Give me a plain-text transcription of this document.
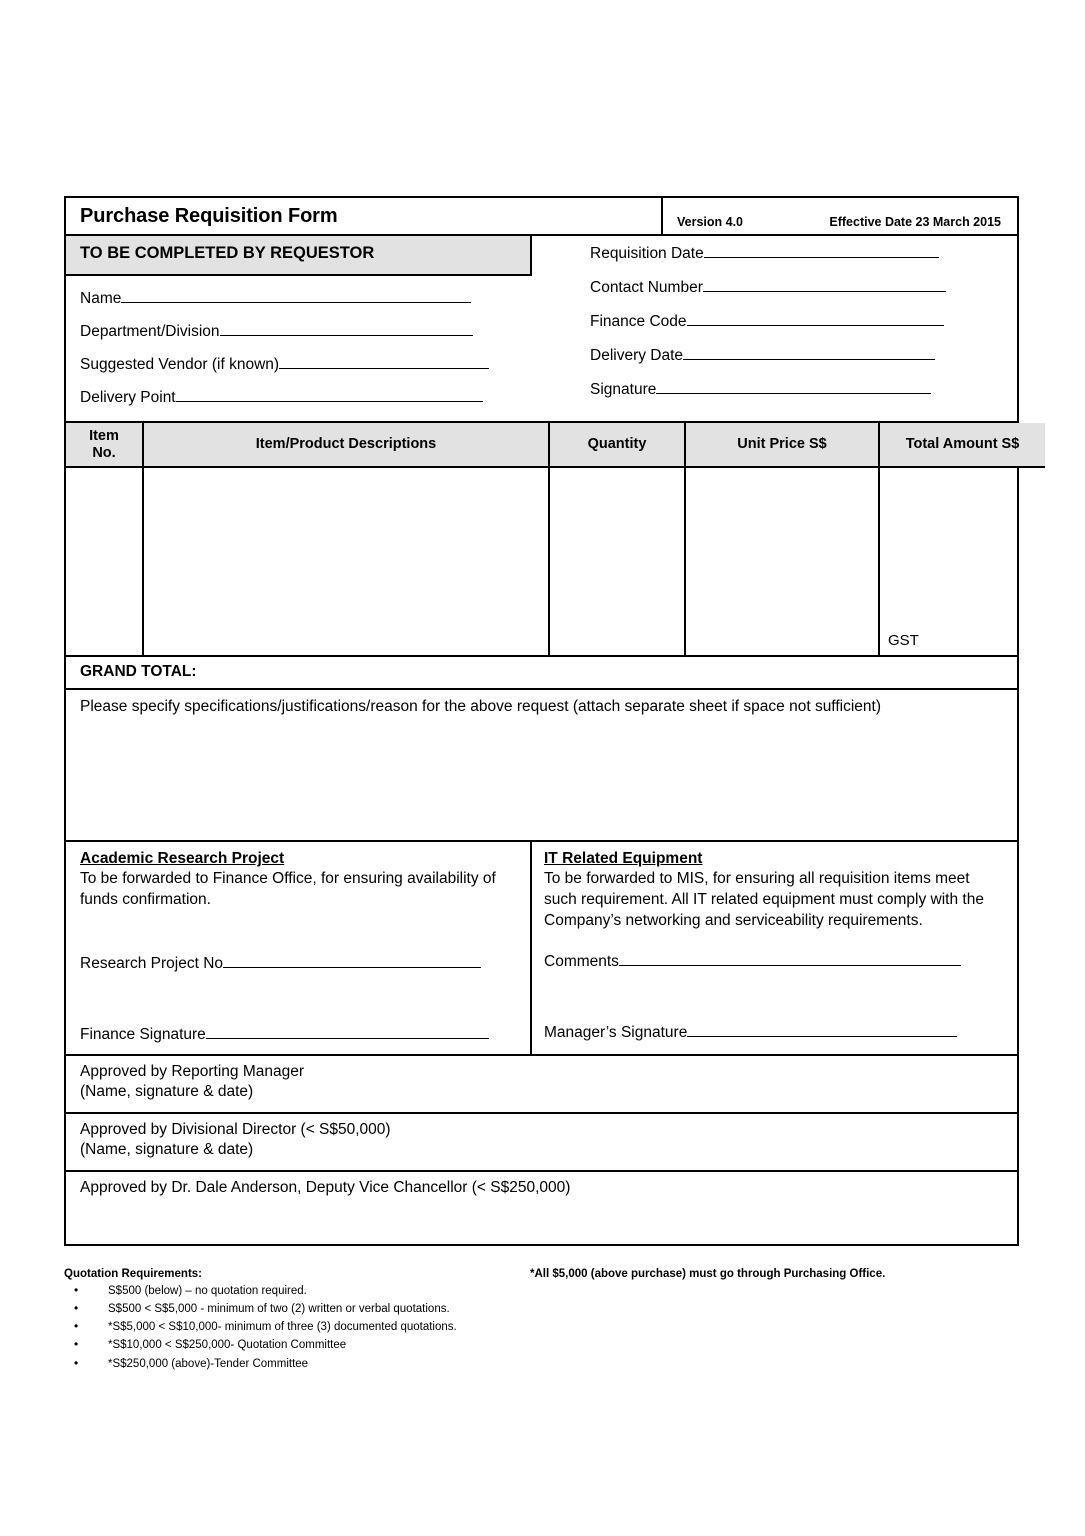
Purchase Requisition Form	Version 4.0	Effective Date 23 March 2015
TO BE COMPLETED BY REQUESTOR
Name
Department/Division
Suggested Vendor (if known)
Delivery Point
Requisition Date
Contact Number
Finance Code
Delivery Date
Signature
Item
No.	Item/Product Descriptions	Quantity	Unit Price S$	Total Amount S$
				GST
GRAND TOTAL:
Please specify specifications/justifications/reason for the above request (attach separate sheet if space not sufficient)
Academic Research Project
To be forwarded to Finance Office, for ensuring availability of funds confirmation.
Research Project No
Finance Signature
IT Related Equipment
To be forwarded to MIS, for ensuring all requisition items meet such requirement. All IT related equipment must comply with the Company’s networking and serviceability requirements.
Comments
Manager’s Signature
Approved by Reporting Manager
(Name, signature & date)
Approved by Divisional Director (< S$50,000)
(Name, signature & date)
Approved by Dr. Dale Anderson, Deputy Vice Chancellor (< S$250,000)
Quotation Requirements:	*All $5,000 (above purchase) must go through Purchasing Office.
• S$500 (below) – no quotation required.
• S$500 < S$5,000 - minimum of two (2) written or verbal quotations.
• *S$5,000 < S$10,000- minimum of three (3) documented quotations.
• *S$10,000 < S$250,000- Quotation Committee
• *S$250,000 (above)-Tender Committee
